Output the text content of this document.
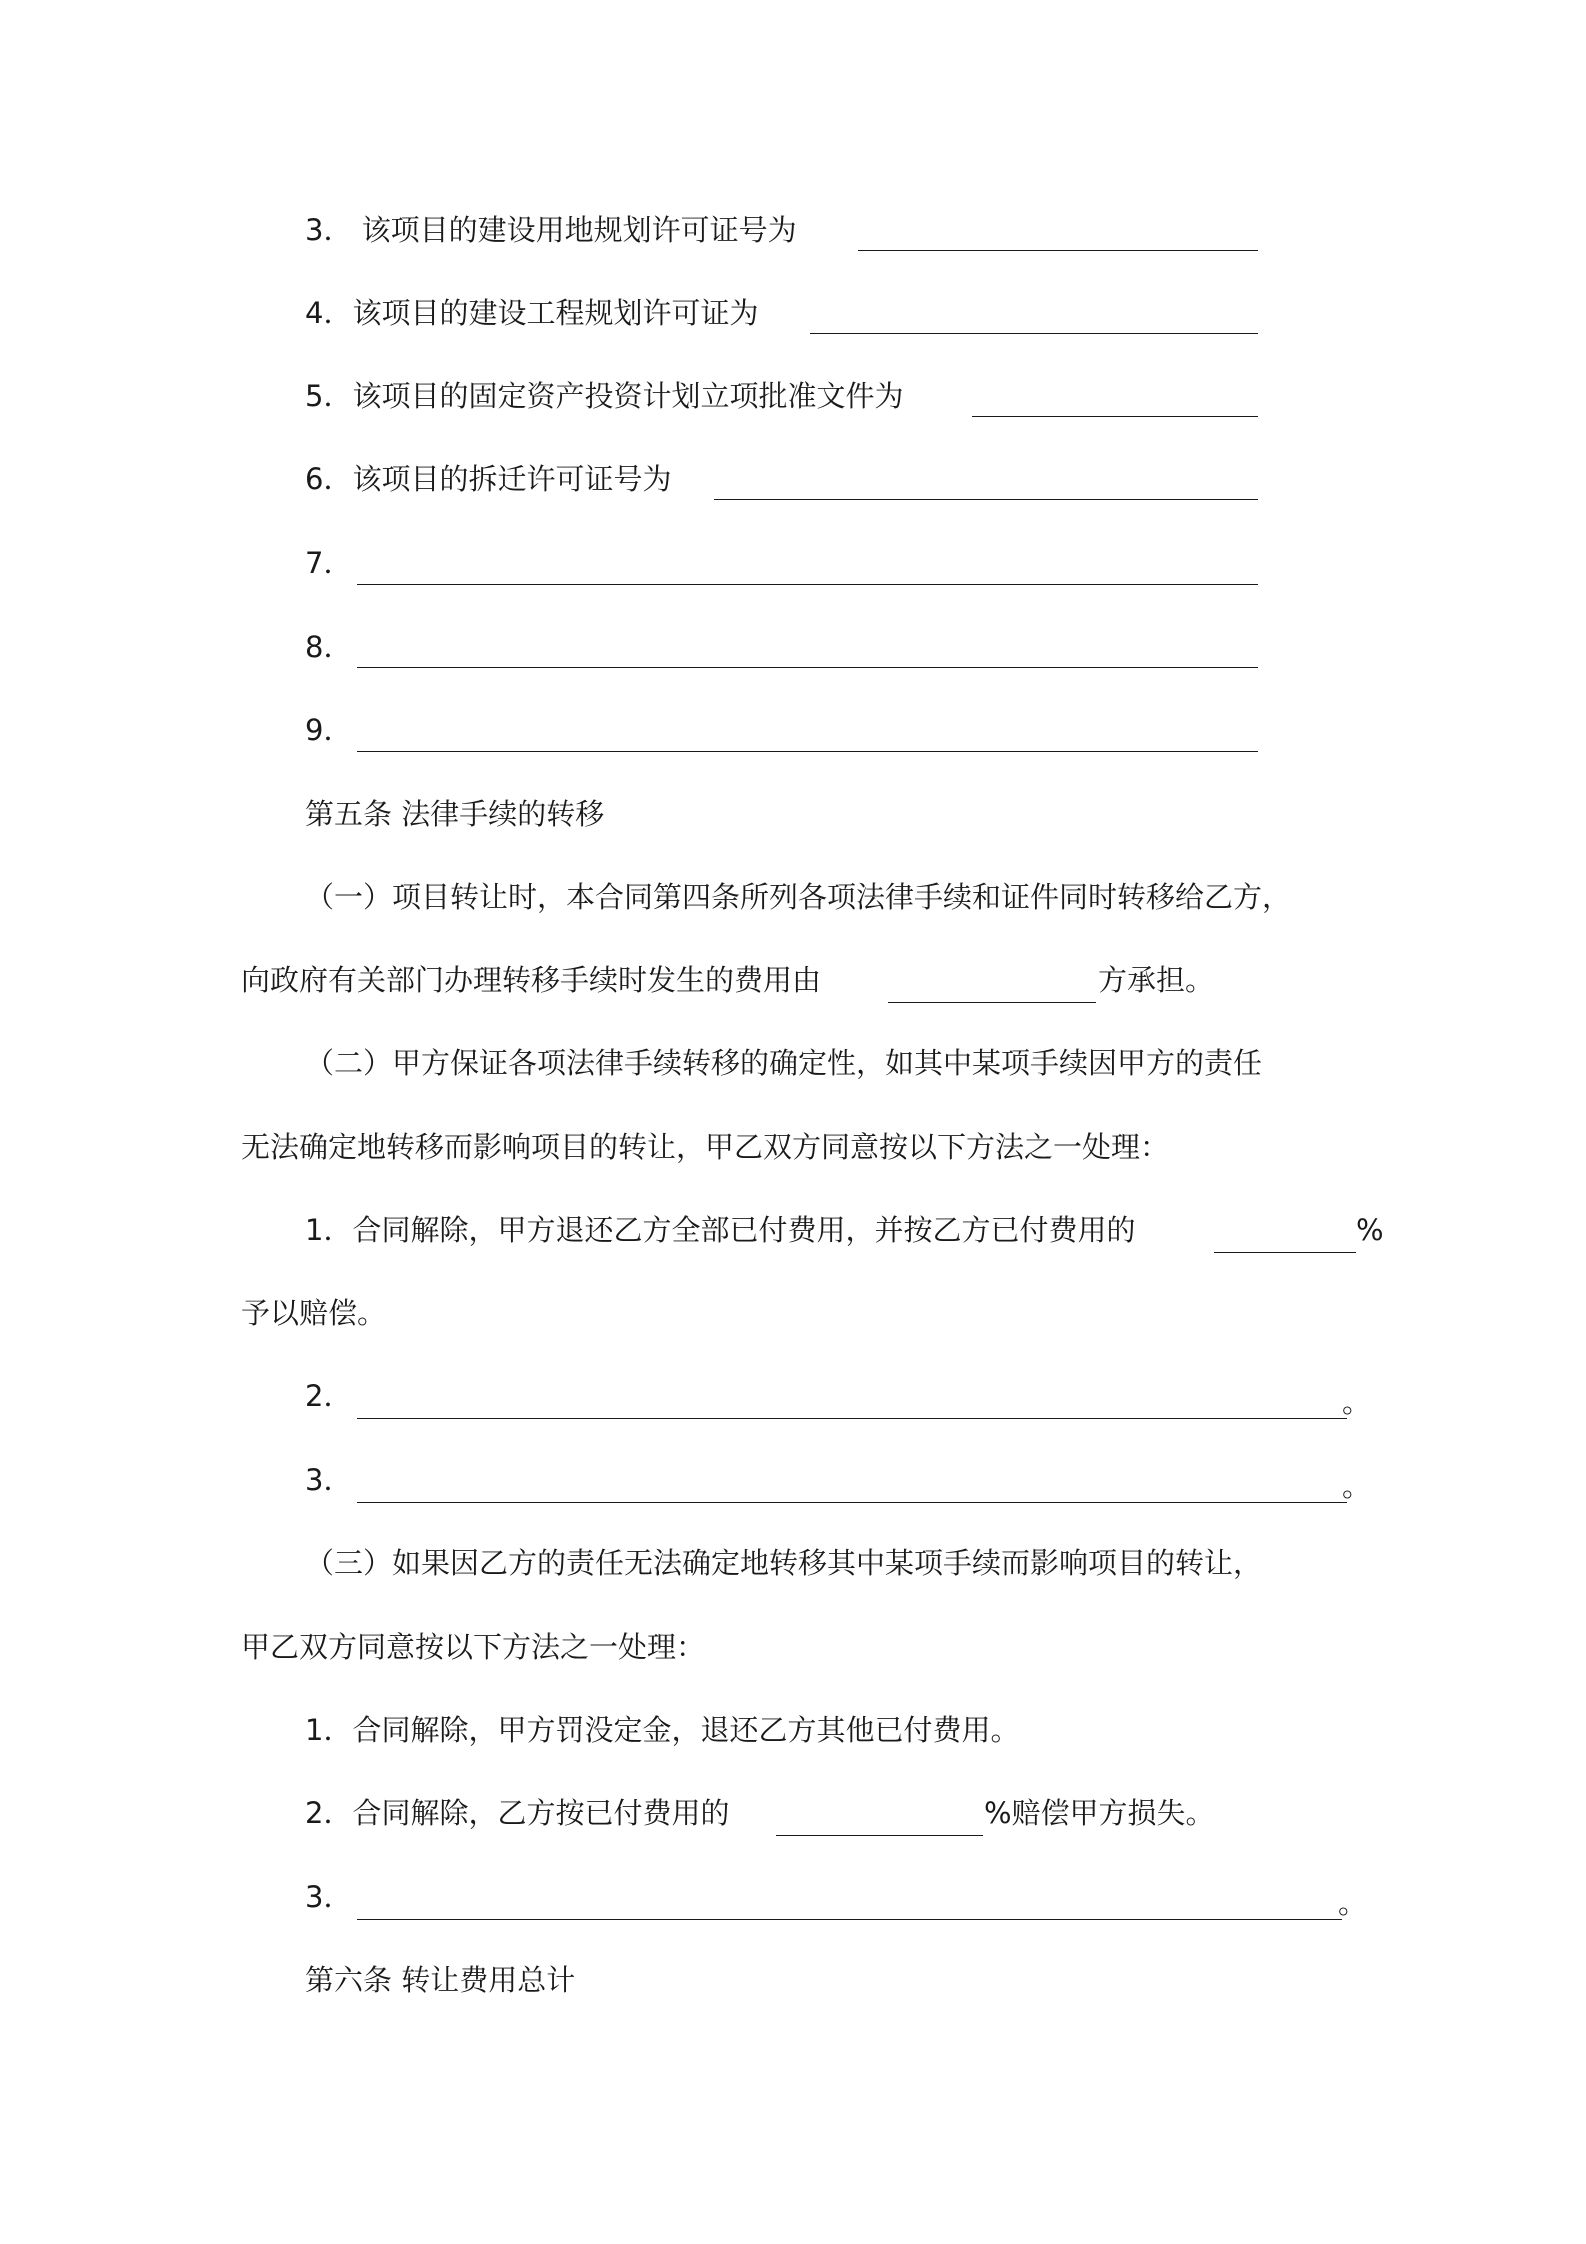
3． 该项目的建设用地规划许可证号为
4．该项目的建设工程规划许可证为
5．该项目的固定资产投资计划立项批准文件为
6．该项目的拆迁许可证号为
7．
8．
9．
第五条 法律手续的转移
（一）项目转让时，本合同第四条所列各项法律手续和证件同时转移给乙方，
向政府有关部门办理转移手续时发生的费用由	方承担。
（二）甲方保证各项法律手续转移的确定性，如其中某项手续因甲方的责任
无法确定地转移而影响项目的转让，甲乙双方同意按以下方法之一处理：
1．合同解除，甲方退还乙方全部已付费用，并按乙方已付费用的	%
予以赔偿。
2．	。
3．	。
（三）如果因乙方的责任无法确定地转移其中某项手续而影响项目的转让，
甲乙双方同意按以下方法之一处理：
1．合同解除，甲方罚没定金，退还乙方其他已付费用。
2．合同解除，乙方按已付费用的	%赔偿甲方损失。
3．	。
第六条 转让费用总计
